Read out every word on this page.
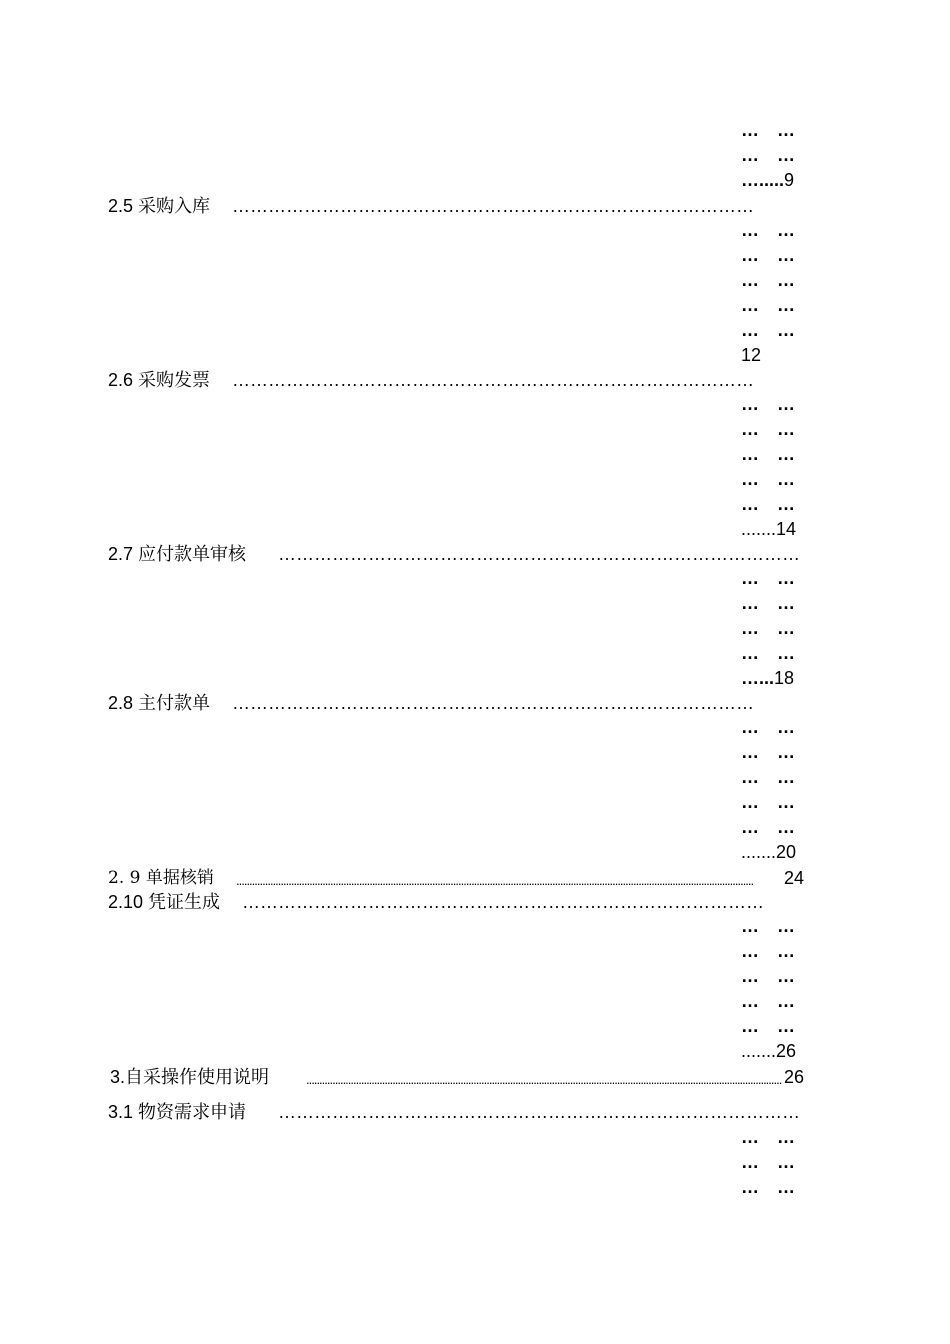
…　…
…　…
….....9
……………………………………………………………………………
2.5 采购入库
…　…
…　…
…　…
…　…
…　…
12
……………………………………………………………………………
2.6 采购发票
…　…
…　…
…　…
…　…
…　…
.......14
……………………………………………………………………………
2.7 应付款单审核
…　…
…　…
…　…
…　…
…...18
……………………………………………………………………………
2.8 主付款单
…　…
…　…
…　…
…　…
…　…
.......20
2. 9 单据核销 ......................................................................................................................................................................................................	24
……………………………………………………………………………
2.10 凭证生成
…　…
…　…
…　…
…　…
…　…
.......26
3.自采操作使用说明	...................................................................................................................................................................................... 26
……………………………………………………………………………
3.1 物资需求申请
…　…
…　…
…　…
